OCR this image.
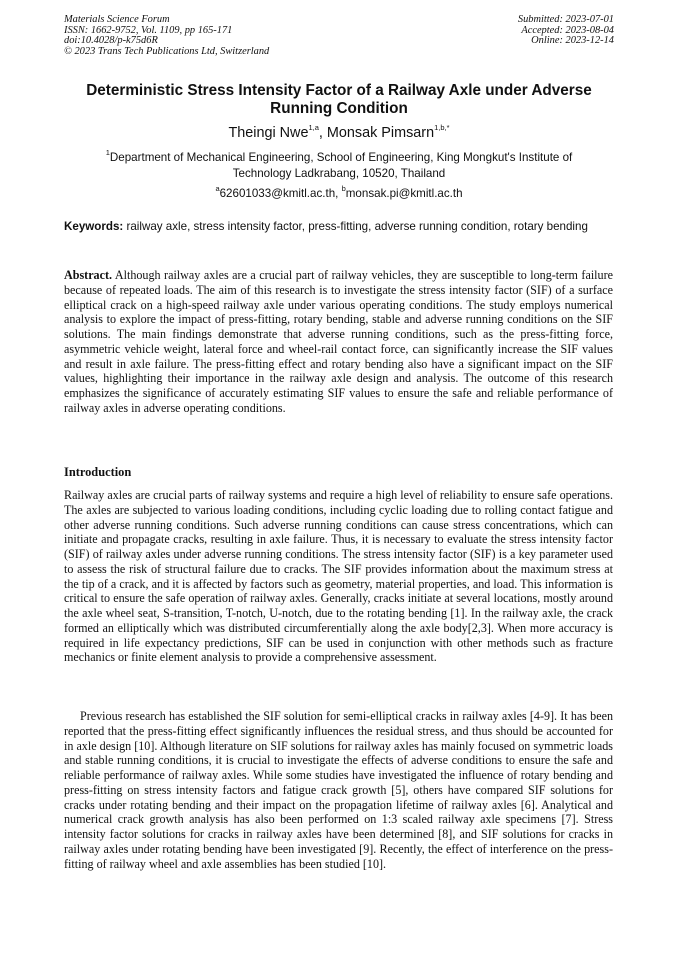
Materials Science Forum
ISSN: 1662-9752, Vol. 1109, pp 165-171
doi:10.4028/p-k75d6R
© 2023 Trans Tech Publications Ltd, Switzerland
Submitted: 2023-07-01
Accepted: 2023-08-04
Online: 2023-12-14
Deterministic Stress Intensity Factor of a Railway Axle under Adverse Running Condition
Theingi Nwe$^{1,a}$, Monsak Pimsarn$^{1,b,*}$
$^1$Department of Mechanical Engineering, School of Engineering, King Mongkut's Institute of Technology Ladkrabang, 10520, Thailand
$^a$62601033@kmitl.ac.th, $^b$monsak.pi@kmitl.ac.th
Keywords: railway axle, stress intensity factor, press-fitting, adverse running condition, rotary bending
Abstract. Although railway axles are a crucial part of railway vehicles, they are susceptible to long-term failure because of repeated loads. The aim of this research is to investigate the stress intensity factor (SIF) of a surface elliptical crack on a high-speed railway axle under various operating conditions. The study employs numerical analysis to explore the impact of press-fitting, rotary bending, stable and adverse running conditions on the SIF solutions. The main findings demonstrate that adverse running conditions, such as the press-fitting force, asymmetric vehicle weight, lateral force and wheel-rail contact force, can significantly increase the SIF values and result in axle failure. The press-fitting effect and rotary bending also have a significant impact on the SIF values, highlighting their importance in the railway axle design and analysis. The outcome of this research emphasizes the significance of accurately estimating SIF values to ensure the safe and reliable performance of railway axles in adverse operating conditions.
Introduction

Railway axles are crucial parts of railway systems and require a high level of reliability to ensure safe operations. The axles are subjected to various loading conditions, including cyclic loading due to rolling contact fatigue and other adverse running conditions. Such adverse running conditions can cause stress concentrations, which can initiate and propagate cracks, resulting in axle failure. Thus, it is necessary to evaluate the stress intensity factor (SIF) of railway axles under adverse running conditions. The stress intensity factor (SIF) is a key parameter used to assess the risk of structural failure due to cracks. The SIF provides information about the maximum stress at the tip of a crack, and it is affected by factors such as geometry, material properties, and load. This information is critical to ensure the safe operation of railway axles. Generally, cracks initiate at several locations, mostly around the axle wheel seat, S-transition, T-notch, U-notch, due to the rotating bending [1]. In the railway axle, the crack formed an elliptically which was distributed circumferentially along the axle body[2,3]. When more accuracy is required in life expectancy predictions, SIF can be used in conjunction with other methods such as fracture mechanics or finite element analysis to provide a comprehensive assessment.

Previous research has established the SIF solution for semi-elliptical cracks in railway axles [4-9]. It has been reported that the press-fitting effect significantly influences the residual stress, and thus should be accounted for in axle design [10]. Although literature on SIF solutions for railway axles has mainly focused on symmetric loads and stable running conditions, it is crucial to investigate the effects of adverse conditions to ensure the safe and reliable performance of railway axles. While some studies have investigated the influence of rotary bending and press-fitting on stress intensity factors and fatigue crack growth [5], others have compared SIF solutions for cracks under rotating bending and their impact on the propagation lifetime of railway axles [6]. Analytical and numerical crack growth analysis has also been performed on 1:3 scaled railway axle specimens [7]. Stress intensity factor solutions for cracks in railway axles have been determined [8], and SIF solutions for cracks in railway axles under rotating bending have been investigated [9]. Recently, the effect of interference on the press-fitting of railway wheel and axle assemblies has been studied [10].
